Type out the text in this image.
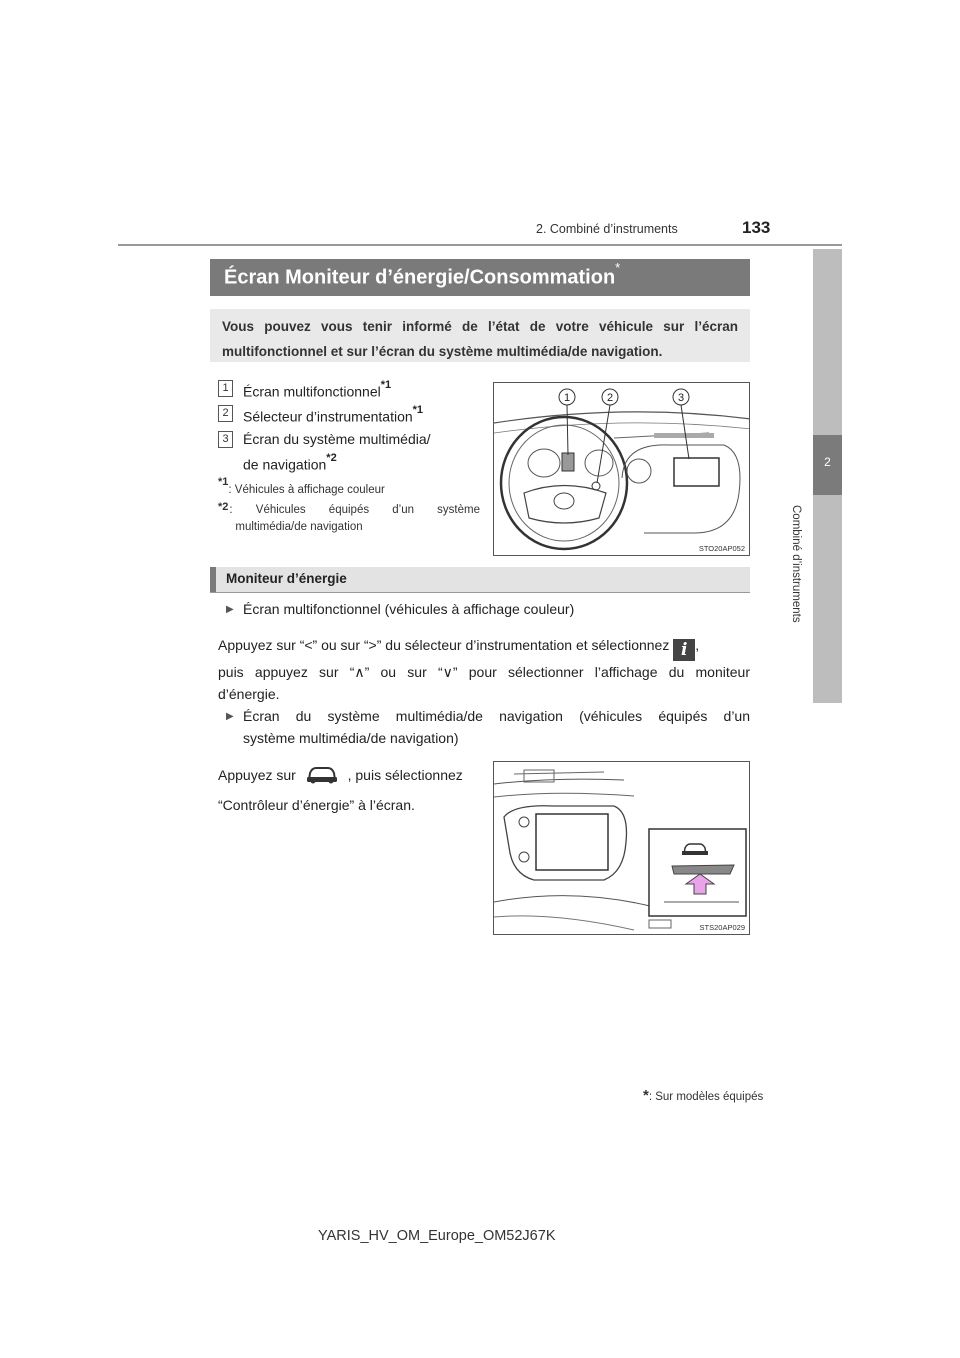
2. Combiné d’instruments	133
2
Combiné d’instruments
Écran Moniteur d’énergie/Consommation*
Vous pouvez vous tenir informé de l’état de votre véhicule sur l’écran multifonctionnel et sur l’écran du système multimédia/de navigation.
1	Écran multifonctionnel$^{*1}$
2	Sélecteur d’instrumentation$^{*1}$
3	Écran du système multimédia/
de navigation$^{*2}$
$^{*1}$: Véhicules à affichage couleur
$^{*2}$ : Véhicules équipés d’un système
multimédia/de navigation
1	2	3
STO20AP052
Moniteur d’énergie
▶ Écran multifonctionnel (véhicules à affichage couleur)
Appuyez sur “<” ou sur “>” du sélecteur d’instrumentation et sélectionnez i ,
puis appuyez sur “∧” ou sur “∨” pour sélectionner l’affichage du moniteur
d’énergie.
▶ Écran du système multimédia/de navigation (véhicules équipés d’un
système multimédia/de navigation)
Appuyez sur	, puis sélectionnez
“Contrôleur d’énergie” à l’écran.
STS20AP029
*: Sur modèles équipés
YARIS_HV_OM_Europe_OM52J67K
